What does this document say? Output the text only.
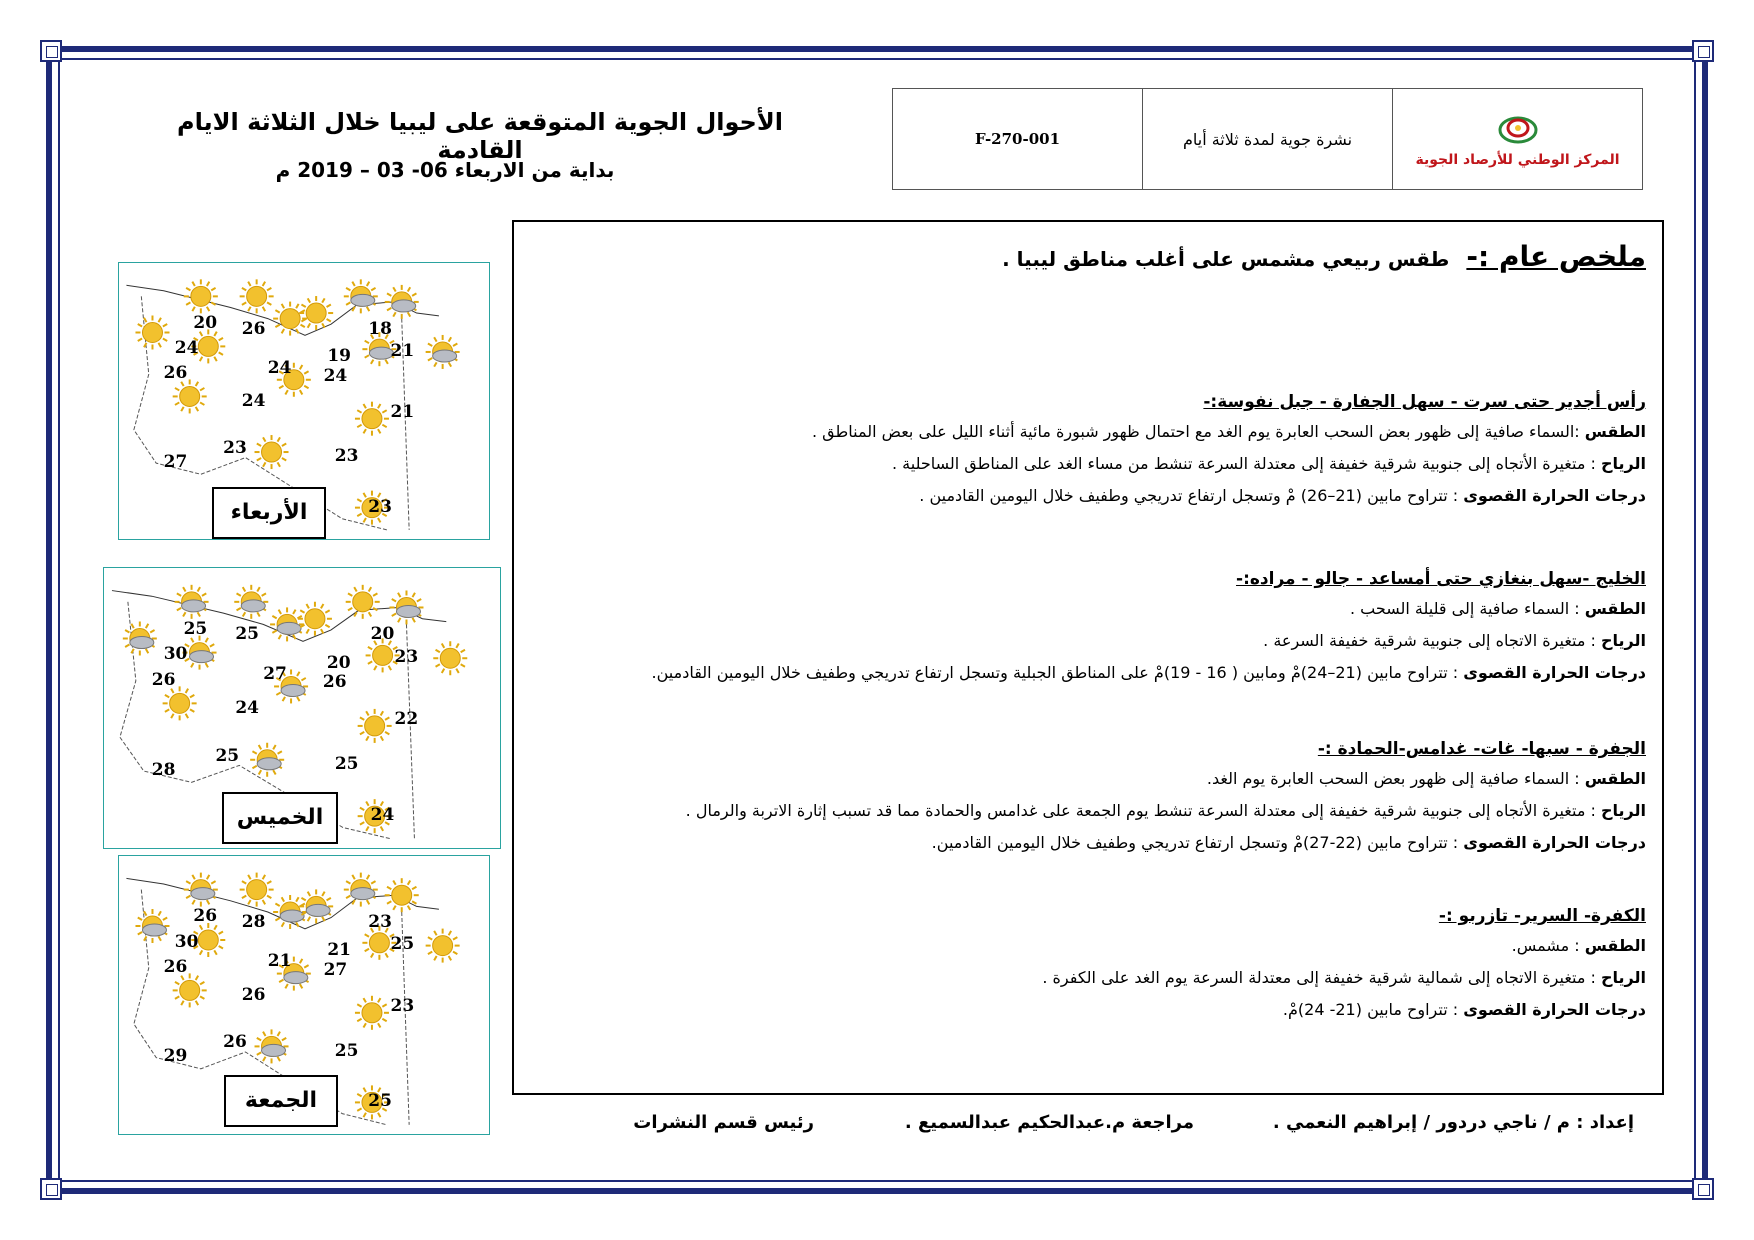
الأحوال الجوية المتوقعة على ليبيا خلال الثلاثة الايام القادمة
بداية من الاربعاء 06- 03 – 2019 م
F-270-001	نشرة جوية لمدة ثلاثة أيام
المركز الوطني للأرصاد الجوية
ملخص عام :- طقس ربيعي مشمس على أغلب مناطق ليبيا .
رأس أجدير حتى سرت - سهل الجفارة - جبل نفوسة:-
الطقس :السماء صافية إلى ظهور بعض السحب العابرة يوم الغد مع احتمال ظهور شبورة مائية أثناء الليل على بعض المناطق .
الرياح : متغيرة الأتجاه إلى جنوبية شرقية خفيفة إلى معتدلة السرعة تنشط من مساء الغد على المناطق الساحلية .
درجات الحرارة القصوى : تتراوح مابين (21–26) مْ وتسجل ارتفاع تدريجي وطفيف خلال اليومين القادمين .
الخليج -سهل بنغازي حتى أمساعد - جالو - مراده:-
الطقس : السماء صافية إلى قليلة السحب .
الرياح : متغيرة الاتجاه إلى جنوبية شرقية خفيفة السرعة .
درجات الحرارة القصوى : تتراوح مابين (21–24)مْ ومابين ( 16 - 19)مْ على المناطق الجبلية وتسجل ارتفاع تدريجي وطفيف خلال اليومين القادمين.
الجفرة - سبها- غات- غدامس-الحمادة :-
الطقس : السماء صافية إلى ظهور بعض السحب العابرة يوم الغد.
الرياح : متغيرة الأتجاه إلى جنوبية شرقية خفيفة إلى معتدلة السرعة تنشط يوم الجمعة على غدامس والحمادة مما قد تسبب إثارة الاتربة والرمال .
درجات الحرارة القصوى : تتراوح مابين (22-27)مْ وتسجل ارتفاع تدريجي وطفيف خلال اليومين القادمين.
الكفرة- السرير- تازربو :-
الطقس : مشمس.
الرياح : متغيرة الاتجاه إلى شمالية شرقية خفيفة إلى معتدلة السرعة يوم الغد على الكفرة .
درجات الحرارة القصوى : تتراوح مابين (21- 24)مْ.
20 26
24
19
18
21
24
26
24
24
21
23	23
27
23
الأربعاء
25 25
27
20
20
23
30
26
24
26
22
25	25
28
24
الخميس
26 28
21
21
23
25
30
26
26
27
23
26	25
29
25
الجمعة
إعداد : م / ناجي دردور / إبراهيم النعمي .
مراجعة م.عبدالحكيم عبدالسميع .
رئيس قسم النشرات
